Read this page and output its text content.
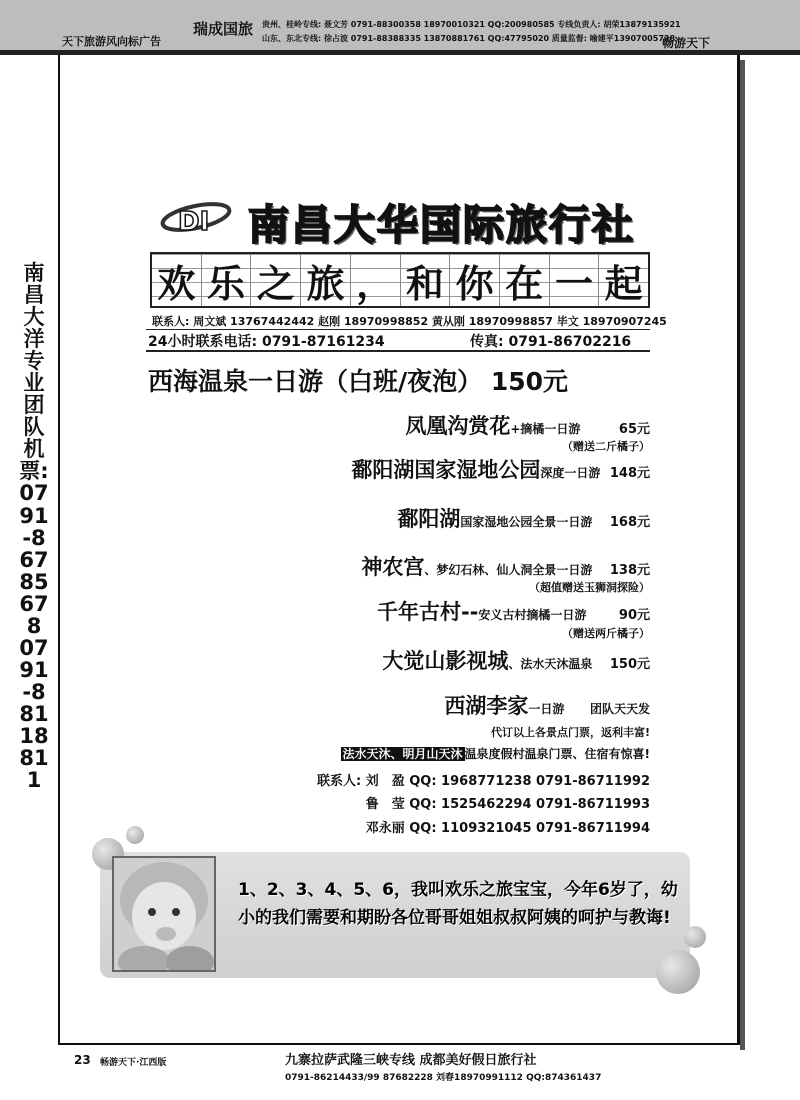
天下旅游风向标广告
瑞成国旅 贵州、桂岭专线: 聂文芳 0791-88300358 18970010321 QQ:200980585 专线负责人: 胡荣13879135921
山东、东北专线: 徐占波 0791-88388335 13870881761 QQ:47795020 质量监督: 喻建平13907005738
畅游天下
南昌大洋专业团队机票: 0791-86785678 0791-88118811
DI 南昌大华国际旅行社
欢 乐 之 旅 ， 和 你 在 一 起
联系人: 周文斌 13767442442 赵刚 18970998852 黄从刚 18970998857 毕文 18970907245
24小时联系电话: 0791-87161234	传真: 0791-86702216
西海温泉一日游（白班/夜泡） 150元
凤凰沟赏花+摘橘一日游	65元
（赠送二斤橘子）
鄱阳湖国家湿地公园深度一日游 148元
鄱阳湖国家湿地公园全景一日游 168元
神农宫、梦幻石林、仙人洞全景一日游 138元
（超值赠送玉狮洞探险）
千年古村--安义古村摘橘一日游 90元
（赠送两斤橘子）
大觉山影视城、法水天沐温泉 150元
西湖李家一日游 团队天天发
代订以上各景点门票，返利丰富!
法水天沐、明月山天沐 温泉度假村温泉门票、住宿有惊喜!
联系人: 刘　盈 QQ: 1968771238 0791-86711992
鲁　莹 QQ: 1525462294 0791-86711993
邓永丽 QQ: 1109321045 0791-86711994
1、2、3、4、5、6，我叫欢乐之旅宝宝，今年6岁了，幼小的我们需要和期盼各位哥哥姐姐叔叔阿姨的呵护与教诲!
23 畅游天下·江西版	九寨拉萨武隆三峡专线 成都美好假日旅行社
0791-86214433/99 87682228 刘春18970991112 QQ:874361437
